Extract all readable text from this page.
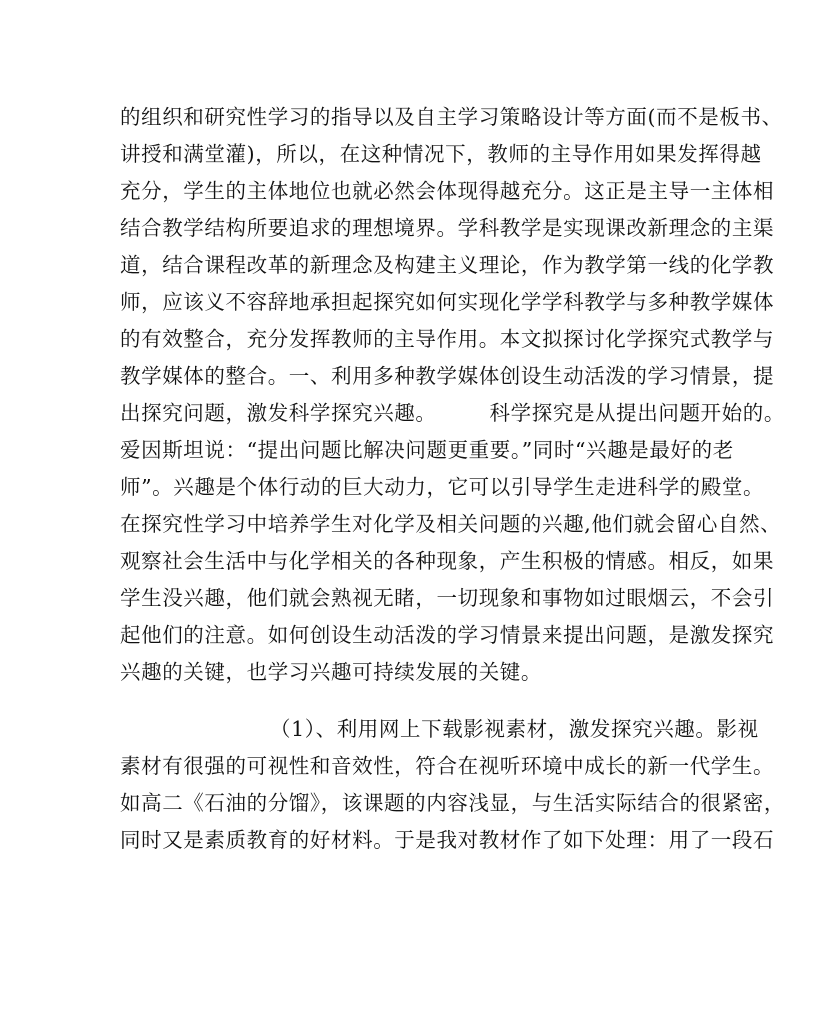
的组织和研究性学习的指导以及自主学习策略设计等方面(而不是板书、
讲授和满堂灌)，所以，在这种情况下，教师的主导作用如果发挥得越
充分，学生的主体地位也就必然会体现得越充分。这正是主导一主体相
结合教学结构所要追求的理想境界。学科教学是实现课改新理念的主渠
道，结合课程改革的新理念及构建主义理论，作为教学第一线的化学教
师，应该义不容辞地承担起探究如何实现化学学科教学与多种教学媒体
的有效整合，充分发挥教师的主导作用。本文拟探讨化学探究式教学与
教学媒体的整合。一、利用多种教学媒体创设生动活泼的学习情景，提
出探究问题，激发科学探究兴趣。　　　科学探究是从提出问题开始的。
爱因斯坦说：“提出问题比解决问题更重要。”同时“兴趣是最好的老
师”。兴趣是个体行动的巨大动力，它可以引导学生走进科学的殿堂。
在探究性学习中培养学生对化学及相关问题的兴趣,他们就会留心自然、
观察社会生活中与化学相关的各种现象，产生积极的情感。相反，如果
学生没兴趣，他们就会熟视无睹，一切现象和事物如过眼烟云，不会引
起他们的注意。如何创设生动活泼的学习情景来提出问题，是激发探究
兴趣的关键，也学习兴趣可持续发展的关键。
（1）、利用网上下载影视素材，激发探究兴趣。影视
素材有很强的可视性和音效性，符合在视听环境中成长的新一代学生。
如高二《石油的分馏》，该课题的内容浅显，与生活实际结合的很紧密，
同时又是素质教育的好材料。于是我对教材作了如下处理：用了一段石
